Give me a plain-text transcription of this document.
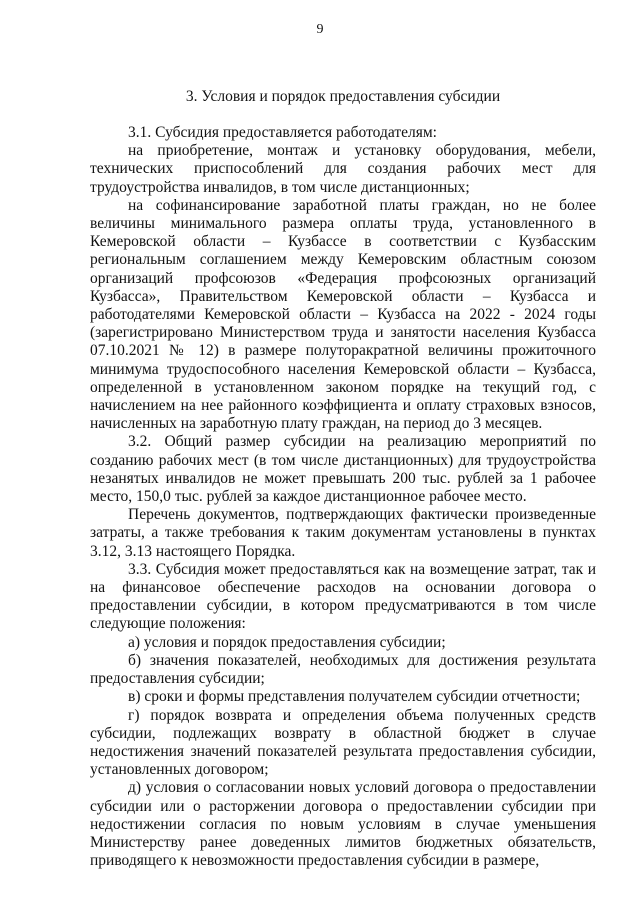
9
3. Условия и порядок предоставления субсидии

3.1. Субсидия предоставляется работодателям:

на приобретение, монтаж и установку оборудования, мебели, технических приспособлений для создания рабочих мест для трудоустройства инвалидов, в том числе дистанционных;

на софинансирование заработной платы граждан, но не более величины минимального размера оплаты труда, установленного в Кемеровской области – Кузбассе в соответствии с Кузбасским региональным соглашением между Кемеровским областным союзом организаций профсоюзов «Федерация профсоюзных организаций Кузбасса», Правительством Кемеровской области – Кузбасса и работодателями Кемеровской области – Кузбасса на 2022 - 2024 годы (зарегистрировано Министерством труда и занятости населения Кузбасса 07.10.2021 № 12) в размере полуторакратной величины прожиточного минимума трудоспособного населения Кемеровской области – Кузбасса, определенной в установленном законом порядке на текущий год, с начислением на нее районного коэффициента и оплату страховых взносов, начисленных на заработную плату граждан, на период до 3 месяцев.

3.2. Общий размер субсидии на реализацию мероприятий по созданию рабочих мест (в том числе дистанционных) для трудоустройства незанятых инвалидов не может превышать 200 тыс. рублей за 1 рабочее место, 150,0 тыс. рублей за каждое дистанционное рабочее место.

Перечень документов, подтверждающих фактически произведенные затраты, а также требования к таким документам установлены в пунктах 3.12, 3.13 настоящего Порядка.

3.3. Субсидия может предоставляться как на возмещение затрат, так и на финансовое обеспечение расходов на основании договора о предоставлении субсидии, в котором предусматриваются в том числе следующие положения:

а) условия и порядок предоставления субсидии;

б) значения показателей, необходимых для достижения результата предоставления субсидии;

в) сроки и формы представления получателем субсидии отчетности;

г) порядок возврата и определения объема полученных средств субсидии, подлежащих возврату в областной бюджет в случае недостижения значений показателей результата предоставления субсидии, установленных договором;

д) условия о согласовании новых условий договора о предоставлении субсидии или о расторжении договора о предоставлении субсидии при недостижении согласия по новым условиям в случае уменьшения Министерству ранее доведенных лимитов бюджетных обязательств, приводящего к невозможности предоставления субсидии в размере,
